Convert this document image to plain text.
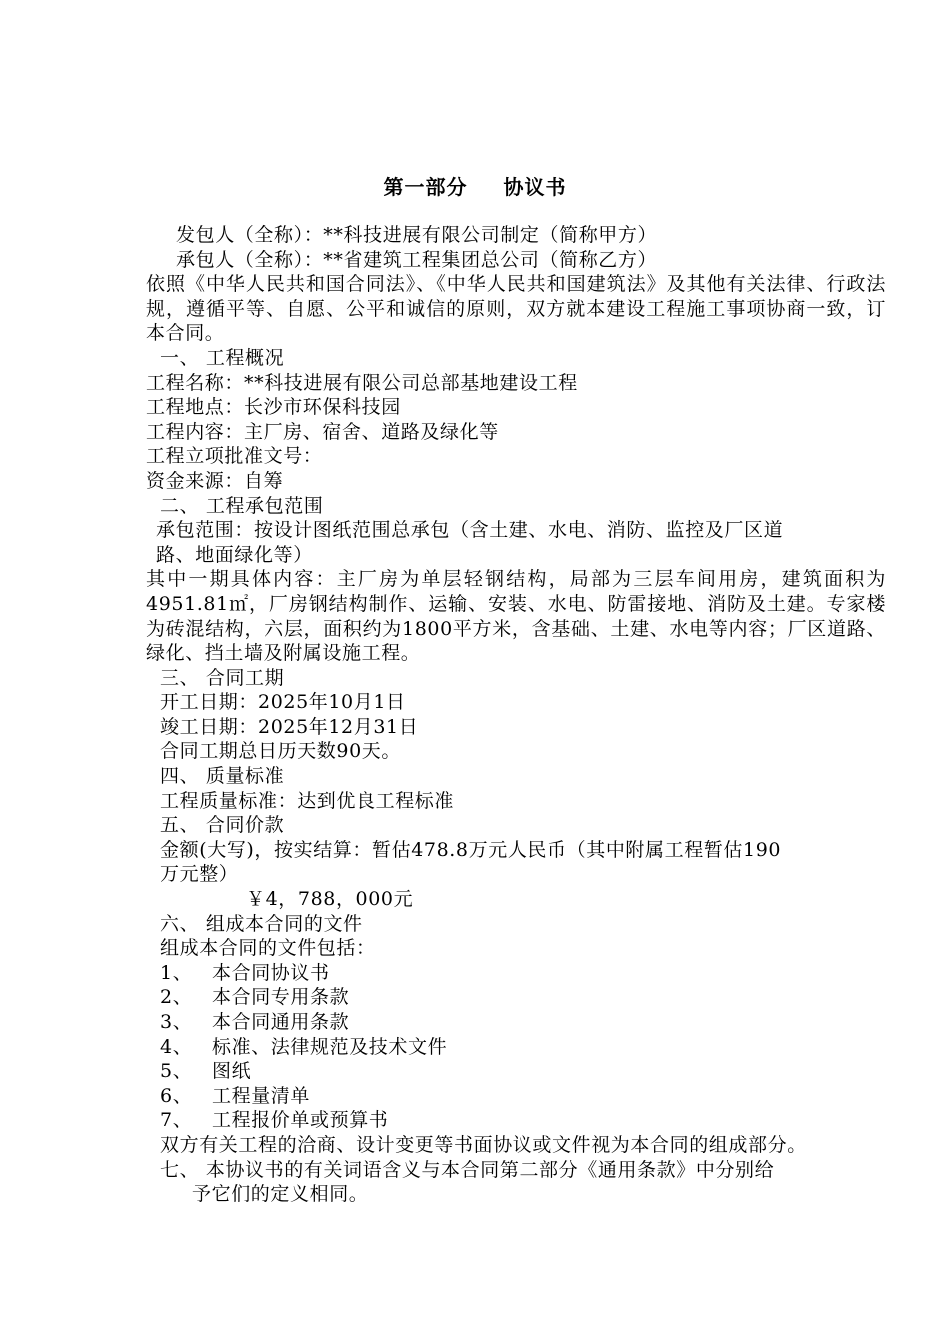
第一部分 协议书
发包人（全称）：**科技进展有限公司制定（简称甲方）
承包人（全称）：**省建筑工程集团总公司（简称乙方）
依照《中华人民共和国合同法》、《中华人民共和国建筑法》及其他有关法律、行政法规，遵循平等、自愿、公平和诚信的原则，双方就本建设工程施工事项协商一致，订本合同。
一、 工程概况
工程名称：**科技进展有限公司总部基地建设工程
工程地点：长沙市环保科技园
工程内容：主厂房、宿舍、道路及绿化等
工程立项批准文号：
资金来源：自筹
二、 工程承包范围
承包范围：按设计图纸范围总承包（含土建、水电、消防、监控及厂区道
路、地面绿化等）
其中一期具体内容：主厂房为单层轻钢结构，局部为三层车间用房，建筑面积为4951.81㎡，厂房钢结构制作、运输、安装、水电、防雷接地、消防及土建。专家楼为砖混结构，六层，面积约为1800平方米，含基础、土建、水电等内容；厂区道路、绿化、挡土墙及附属设施工程。
三、 合同工期
开工日期：2025年10月1日
竣工日期：2025年12月31日
合同工期总日历天数90天。
四、 质量标准
工程质量标准：达到优良工程标准
五、 合同价款
金额(大写)，按实结算：暂估478.8万元人民币（其中附属工程暂估190
万元整）
￥4，788，000元
六、 组成本合同的文件
组成本合同的文件包括：
1、 本合同协议书
2、 本合同专用条款
3、 本合同通用条款
4、 标准、法律规范及技术文件
5、 图纸
6、 工程量清单
7、 工程报价单或预算书
双方有关工程的洽商、设计变更等书面协议或文件视为本合同的组成部分。
七、 本协议书的有关词语含义与本合同第二部分《通用条款》中分别给
予它们的定义相同。
